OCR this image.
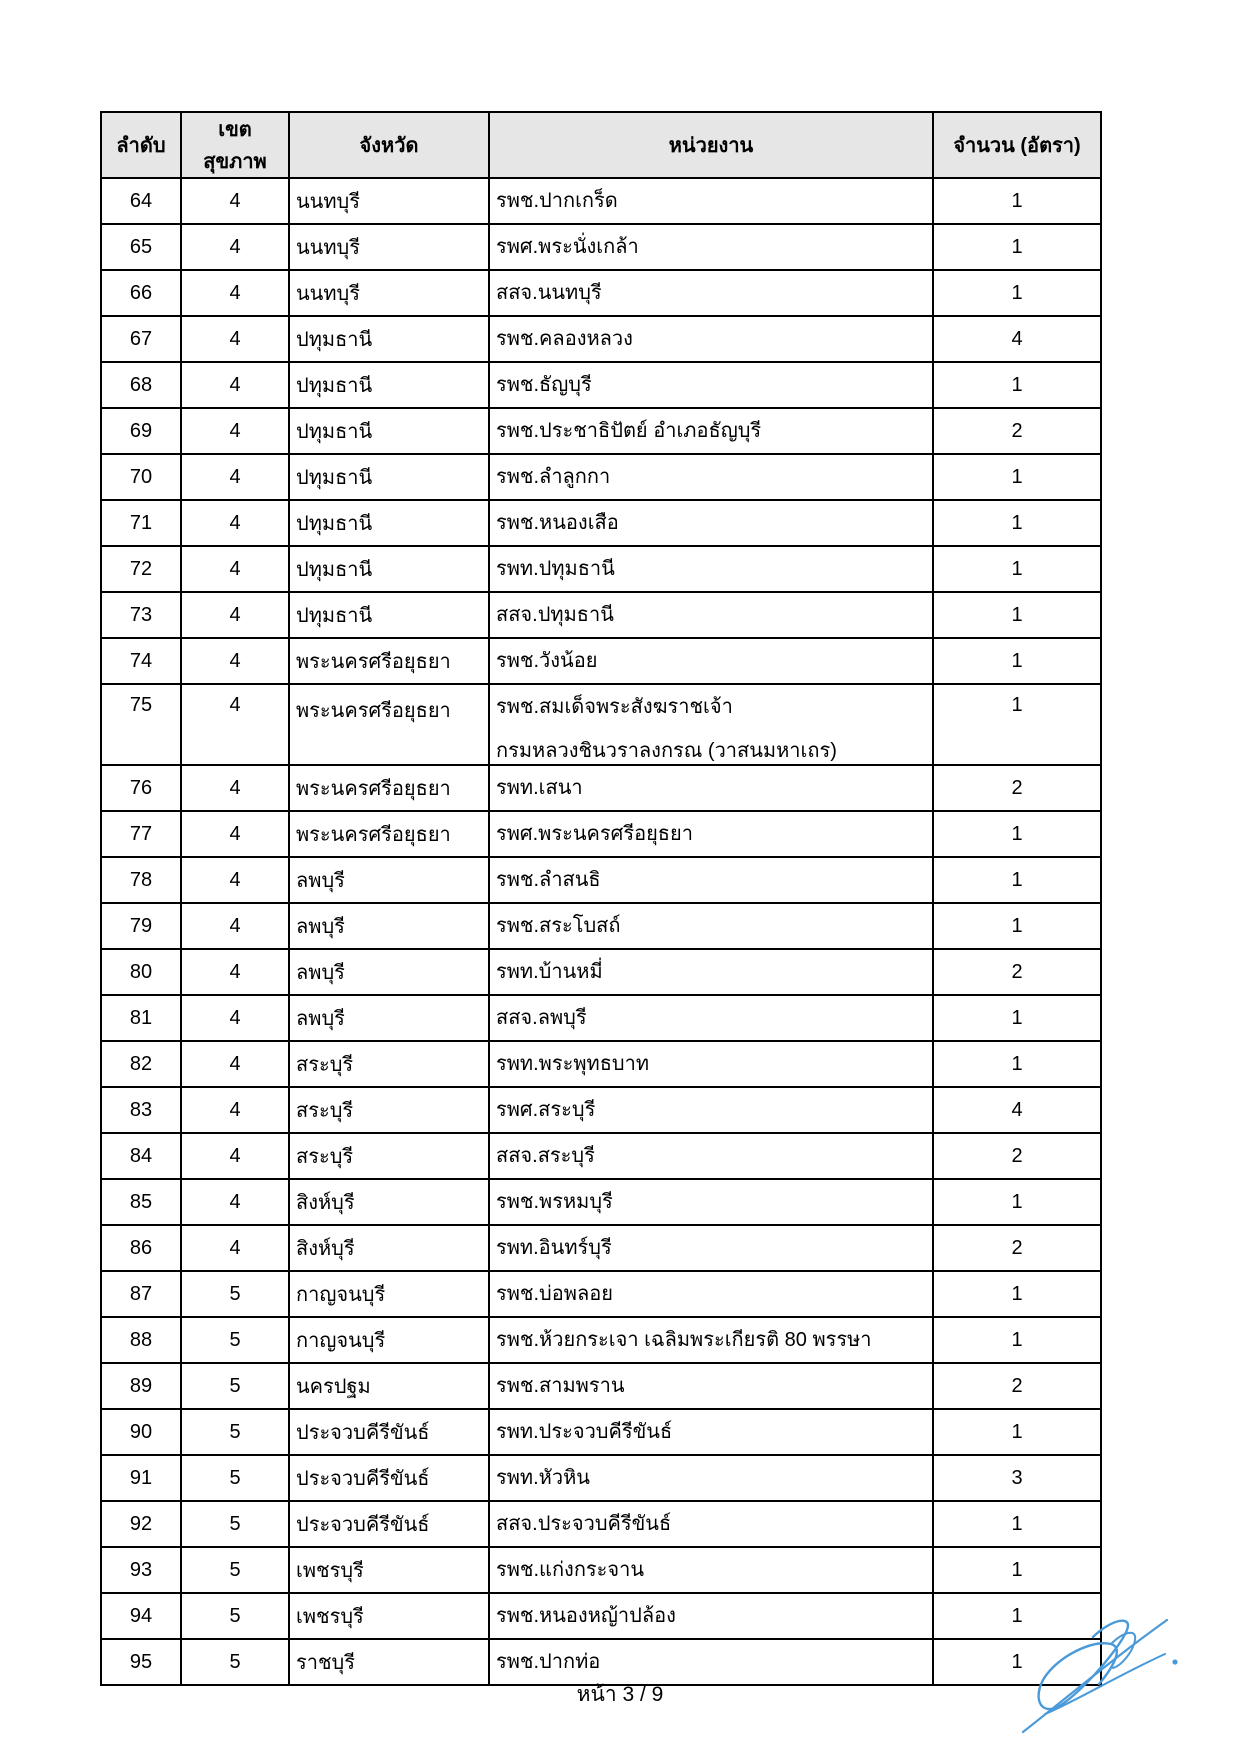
ลำดับ	เขตสุขภาพ	จังหวัด	หน่วยงาน	จำนวน (อัตรา)
64	4	นนทบุรี	รพช.ปากเกร็ด	1
65	4	นนทบุรี	รพศ.พระนั่งเกล้า	1
66	4	นนทบุรี	สสจ.นนทบุรี	1
67	4	ปทุมธานี	รพช.คลองหลวง	4
68	4	ปทุมธานี	รพช.ธัญบุรี	1
69	4	ปทุมธานี	รพช.ประชาธิปัตย์ อำเภอธัญบุรี	2
70	4	ปทุมธานี	รพช.ลำลูกกา	1
71	4	ปทุมธานี	รพช.หนองเสือ	1
72	4	ปทุมธานี	รพท.ปทุมธานี	1
73	4	ปทุมธานี	สสจ.ปทุมธานี	1
74	4	พระนครศรีอยุธยา	รพช.วังน้อย	1
75	4	พระนครศรีอยุธยา	รพช.สมเด็จพระสังฆราชเจ้า
กรมหลวงชินวราลงกรณ (วาสนมหาเถร)	1
76	4	พระนครศรีอยุธยา	รพท.เสนา	2
77	4	พระนครศรีอยุธยา	รพศ.พระนครศรีอยุธยา	1
78	4	ลพบุรี	รพช.ลำสนธิ	1
79	4	ลพบุรี	รพช.สระโบสถ์	1
80	4	ลพบุรี	รพท.บ้านหมี่	2
81	4	ลพบุรี	สสจ.ลพบุรี	1
82	4	สระบุรี	รพท.พระพุทธบาท	1
83	4	สระบุรี	รพศ.สระบุรี	4
84	4	สระบุรี	สสจ.สระบุรี	2
85	4	สิงห์บุรี	รพช.พรหมบุรี	1
86	4	สิงห์บุรี	รพท.อินทร์บุรี	2
87	5	กาญจนบุรี	รพช.บ่อพลอย	1
88	5	กาญจนบุรี	รพช.ห้วยกระเจา เฉลิมพระเกียรติ 80 พรรษา	1
89	5	นครปฐม	รพช.สามพราน	2
90	5	ประจวบคีรีขันธ์	รพท.ประจวบคีรีขันธ์	1
91	5	ประจวบคีรีขันธ์	รพท.หัวหิน	3
92	5	ประจวบคีรีขันธ์	สสจ.ประจวบคีรีขันธ์	1
93	5	เพชรบุรี	รพช.แก่งกระจาน	1
94	5	เพชรบุรี	รพช.หนองหญ้าปล้อง	1
95	5	ราชบุรี	รพช.ปากท่อ	1
หน้า 3 / 9
